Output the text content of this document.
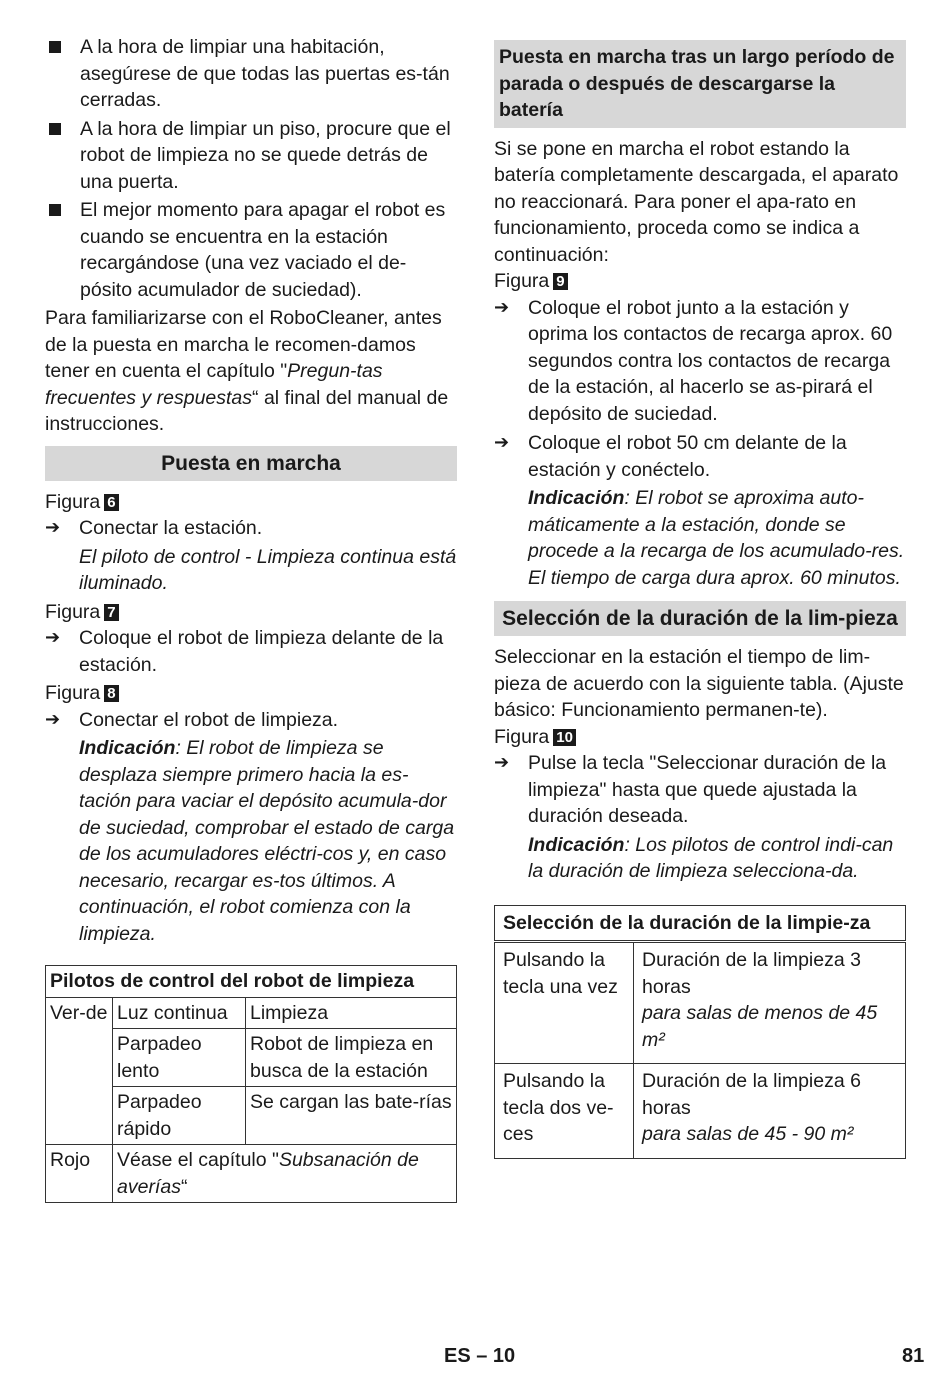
A la hora de limpiar una habitación, asegúrese de que todas las puertas es-tán cerradas.

A la hora de limpiar un piso, procure que el robot de limpieza no se quede detrás de una puerta.

El mejor momento para apagar el robot es cuando se encuentra en la estación recargándose (una vez vaciado el de-pósito acumulador de suciedad).

Para familiarizarse con el RoboCleaner, antes de la puesta en marcha le recomen-damos tener en cuenta el capítulo "Pregun-tas frecuentes y respuestas“ al final del manual de instrucciones.

Puesta en marcha

Figura 6

➔ Conectar la estación.

El piloto de control - Limpieza continua está iluminado.

Figura 7

➔ Coloque el robot de limpieza delante de la estación.

Figura 8

➔ Conectar el robot de limpieza.

Indicación: El robot de limpieza se desplaza siempre primero hacia la es-tación para vaciar el depósito acumula-dor de suciedad, comprobar el estado de carga de los acumuladores eléctri-cos y, en caso necesario, recargar es-tos últimos. A continuación, el robot comienza con la limpieza.

Pilotos de control del robot de limpieza		
Ver-de	Luz continua	Limpieza
	Parpadeo lento	Robot de limpieza en busca de la estación
	Parpadeo rápido	Se cargan las bate-rías
Rojo	Véase el capítulo "Subsanación de averías“	
Puesta en marcha tras un largo período de parada o después de descargarse la batería

Si se pone en marcha el robot estando la batería completamente descargada, el aparato no reaccionará. Para poner el apa-rato en funcionamiento, proceda como se indica a continuación:

Figura 9

➔ Coloque el robot junto a la estación y oprima los contactos de recarga aprox. 60 segundos contra los contactos de recarga de la estación, al hacerlo se as-pirará el depósito de suciedad.

➔ Coloque el robot 50 cm delante de la estación y conéctelo.

Indicación: El robot se aproxima auto-máticamente a la estación, donde se procede a la recarga de los acumulado-res. El tiempo de carga dura aprox. 60 minutos.

Selección de la duración de la lim-pieza

Seleccionar en la estación el tiempo de lim-pieza de acuerdo con la siguiente tabla. (Ajuste básico: Funcionamiento permanen-te).

Figura 10

➔ Pulse la tecla "Seleccionar duración de la limpieza" hasta que quede ajustada la duración deseada.

Indicación: Los pilotos de control indi-can la duración de limpieza selecciona-da.

Selección de la duración de la limpie-za	
Pulsando la tecla una vez	Duración de la limpieza 3 horas
para salas de menos de 45 m²

Pulsando la tecla dos ve-ces	Duración de la limpieza 6 horas
para salas de 45 - 90 m²
ES – 10	81
